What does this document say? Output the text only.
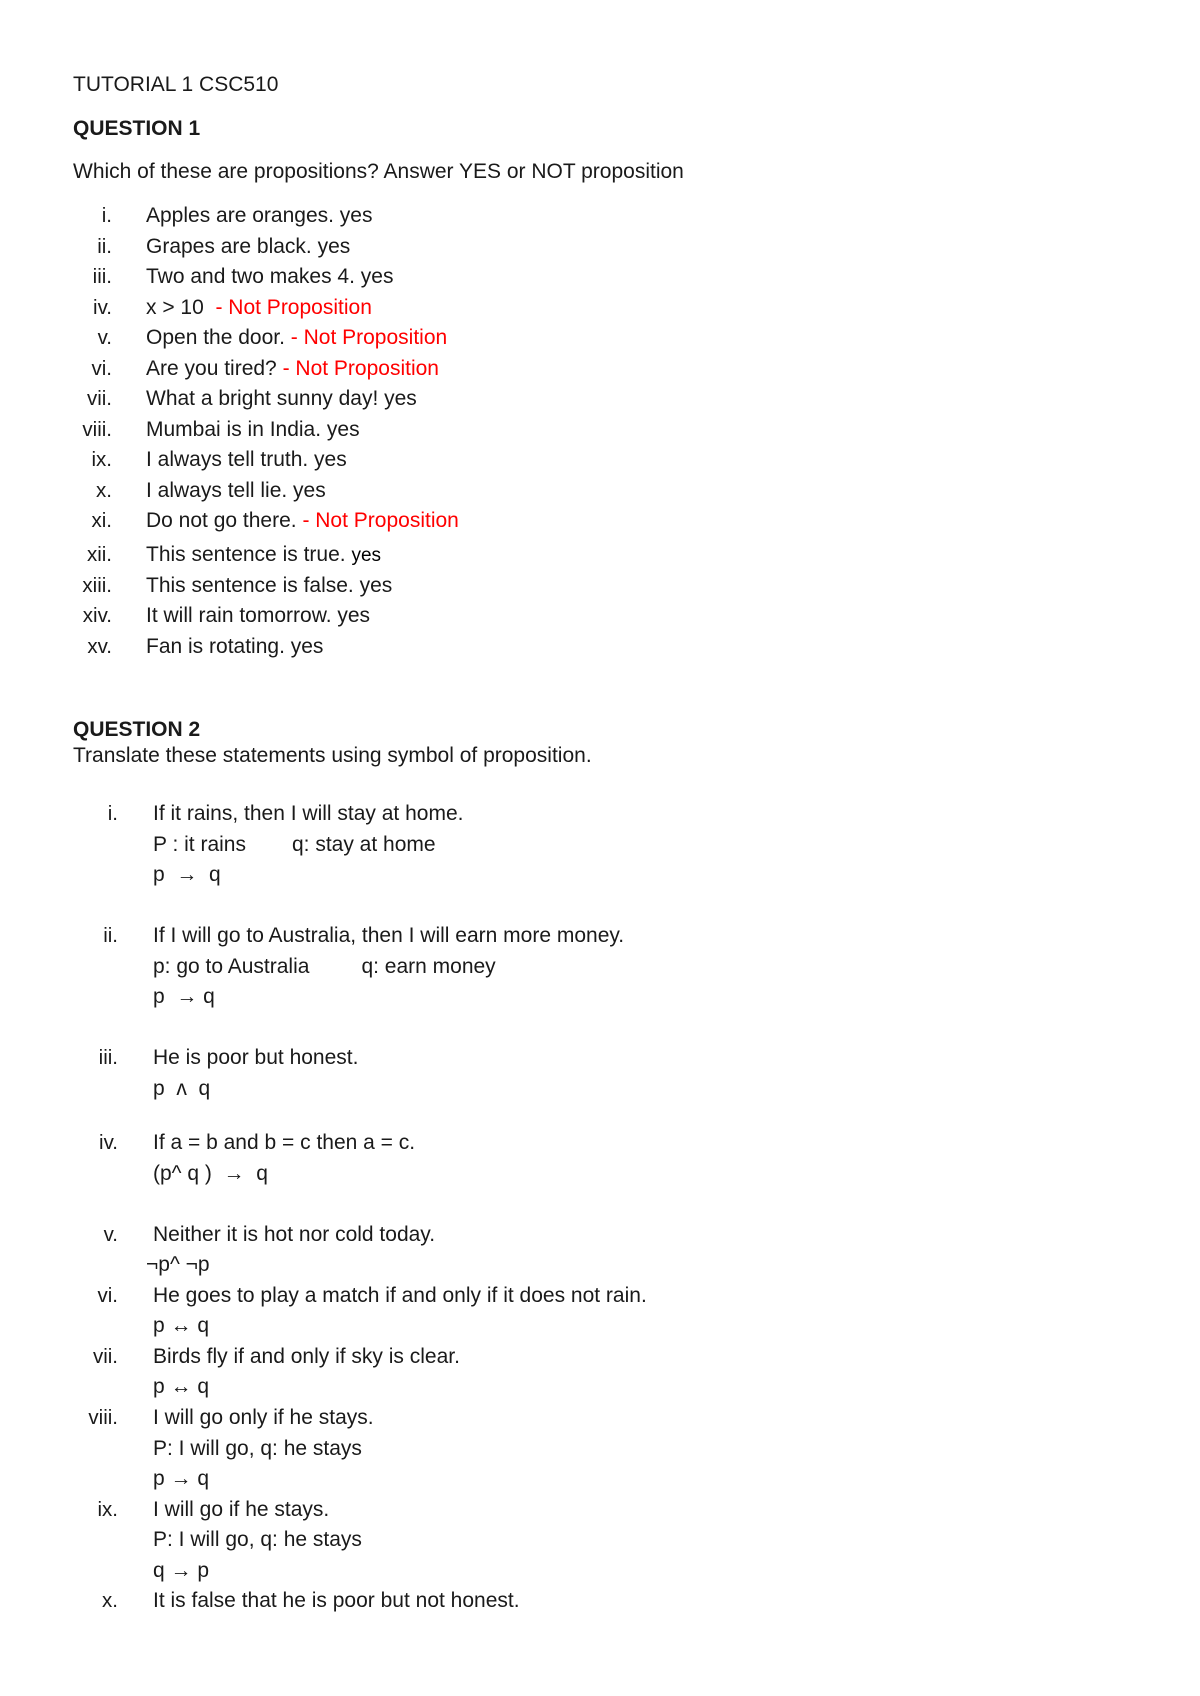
TUTORIAL 1 CSC510
QUESTION 1
Which of these are propositions? Answer YES or NOT proposition
i. Apples are oranges. yes
ii. Grapes are black. yes
iii. Two and two makes 4. yes
iv. x > 10  - Not Proposition
v. Open the door. - Not Proposition
vi. Are you tired? - Not Proposition
vii. What a bright sunny day! yes
viii. Mumbai is in India. yes
ix. I always tell truth. yes
x. I always tell lie. yes
xi. Do not go there. - Not Proposition
xii. This sentence is true. yes
xiii. This sentence is false. yes
xiv. It will rain tomorrow. yes
xv. Fan is rotating. yes
QUESTION 2
Translate these statements using symbol of proposition.
i. If it rains, then I will stay at home.
P : it rains q: stay at home
p  →  q
ii. If I will go to Australia, then I will earn more money.
p: go to Australia q: earn money
p  → q
iii. He is poor but honest.
p  ʌ  q
iv. If a = b and b = c then a = c.
(p^ q )  →  q
v. Neither it is hot nor cold today.
¬p^ ¬p
vi. He goes to play a match if and only if it does not rain.
p ↔ q
vii. Birds fly if and only if sky is clear.
p ↔ q
viii. I will go only if he stays.
P: I will go, q: he stays
p → q
ix. I will go if he stays.
P: I will go, q: he stays
q → p
x. It is false that he is poor but not honest.
